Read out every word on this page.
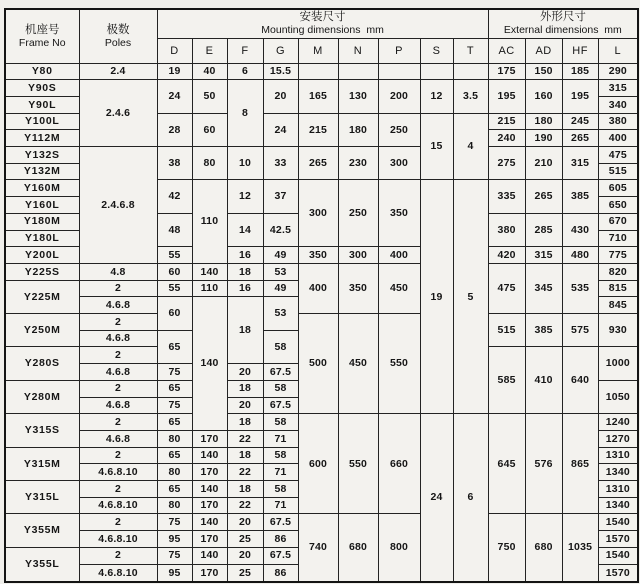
机座号
Frame No

极数
Poles

安装尺寸
Mounting dimensions  mm

外形尺寸
External dimensions  mm

		D	E	F	G	M	N	P	S	T	AC	AD	HF	L
Y80	2.4	19	40	6	15.5						175	150	185	290
Y90S	2.4.6	24	50	8	20	165	130	200	12	3.5	195	160	195	315
Y90L														340
Y100L		28	60		24	215	180	250	15	4	215	180	245	380
Y112M											240	190	265	400
Y132S	2.4.6.8	38	80	10	33	265	230	300			275	210	315	475
Y132M														515
Y160M		42	110	12	37	300	250	350	19	5	335	265	385	605
Y160L														650
Y180M		48		14	42.5						380	285	430	670
Y180L														710
Y200L		55		16	49	350	300	400			420	315	480	775
Y225S	4.8	60	140	18	53	400	350	450			475	345	535	820
Y225M	2	55	110	16	49									815
	4.6.8	60	140	18	53									845
Y250M	2					500	450	550			515	385	575	930
	4.6.8	65			58									
Y280S	2										585	410	640	1000
	4.6.8	75		20	67.5									
Y280M	2	65		18	58									1050
	4.6.8	75		20	67.5									
Y315S	2	65		18	58	600	550	660	24	6	645	576	865	1240
	4.6.8	80	170	22	71									1270
Y315M	2	65	140	18	58									1310
	4.6.8.10	80	170	22	71									1340
Y315L	2	65	140	18	58									1310
	4.6.8.10	80	170	22	71									1340
Y355M	2	75	140	20	67.5	740	680	800			750	680	1035	1540
	4.6.8.10	95	170	25	86									1570
Y355L	2	75	140	20	67.5									1540
	4.6.8.10	95	170	25	86									1570
